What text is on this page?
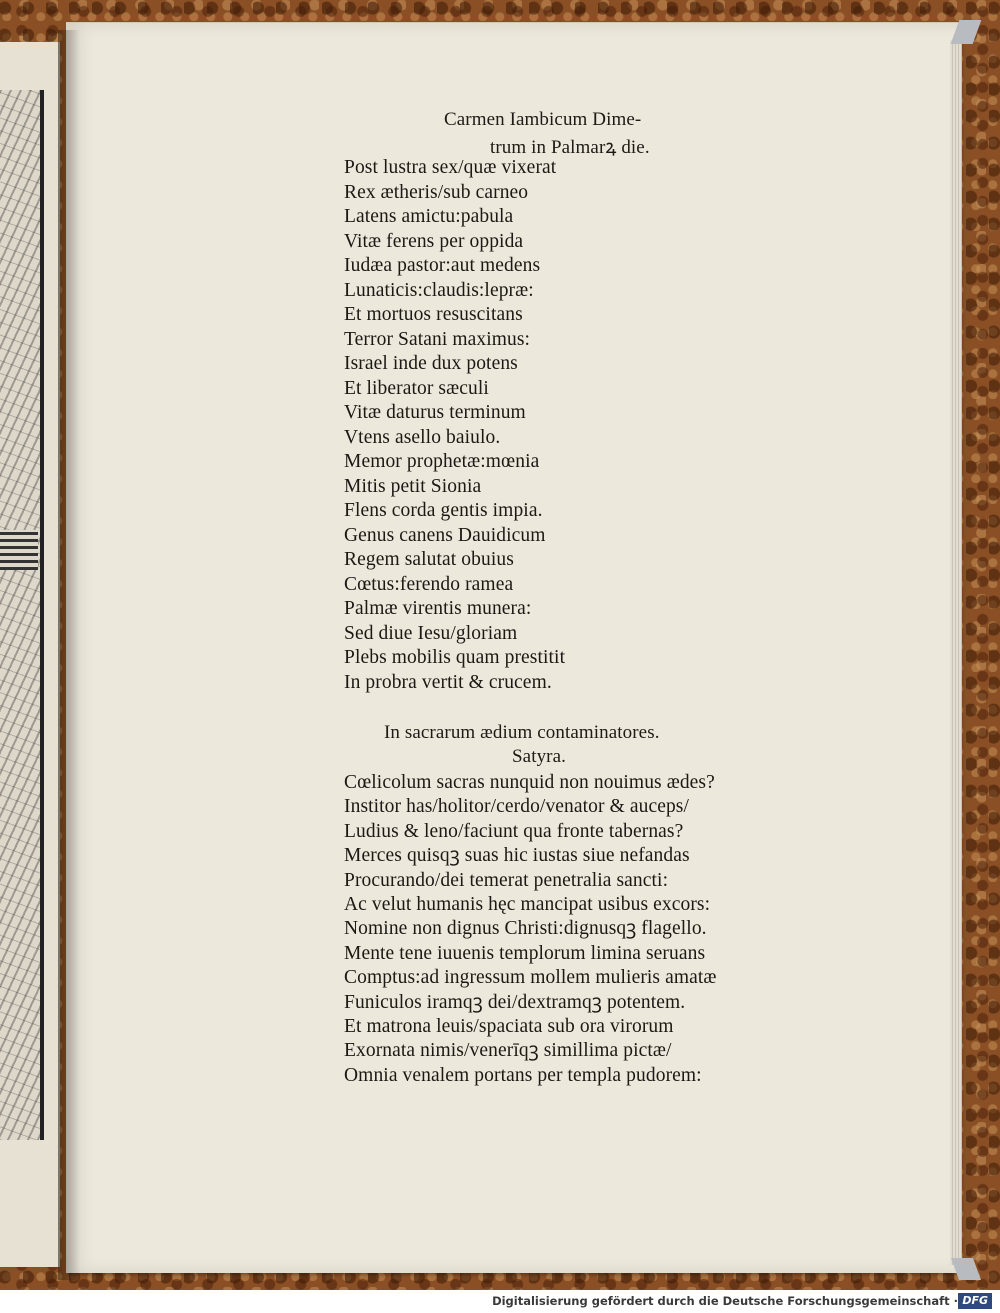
Carmen Iambicum Dime‑
trum in Palmarꝝ die.
Post lustra sex/quæ vixerat
Rex ætheris/sub carneo
Latens amictu:pabula
Vitæ ferens per oppida
Iudæa pastor:aut medens
Lunaticis:claudis:lepræ:
Et mortuos resuscitans
Terror Satani maximus:
Israel inde dux potens
Et liberator sæculi
Vitæ daturus terminum
Vtens asello baiulo.
Memor prophetæ:mœnia
Mitis petit Sionia
Flens corda gentis impia.
Genus canens Dauidicum
Regem salutat obuius
Cœtus:ferendo ramea
Palmæ virentis munera:
Sed diue Iesu/gloriam
Plebs mobilis quam prestitit
In probra vertit & crucem.
In sacrarum ædium contaminatores.
Satyra.
Cœlicolum sacras nunquid non nouimus ædes?
Institor has/holitor/cerdo/venator & auceps/
Ludius & leno/faciunt qua fronte tabernas?
Merces quisqꝫ suas hic iustas siue nefandas
Procurando/dei temerat penetralia sancti:
Ac velut humanis hęc mancipat usibus excors:
Nomine non dignus Christi:dignusqꝫ flagello.
Mente tene iuuenis templorum limina seruans
Comptus:ad ingressum mollem mulieris amatæ
Funiculos iramqꝫ dei/dextramqꝫ potentem.
Et matrona leuis/spaciata sub ora virorum
Exornata nimis/venerīqꝫ simillima pictæ/
Omnia venalem portans per templa pudorem:
Digitalisierung gefördert durch die Deutsche Forschungsgemeinschaft · DFG
